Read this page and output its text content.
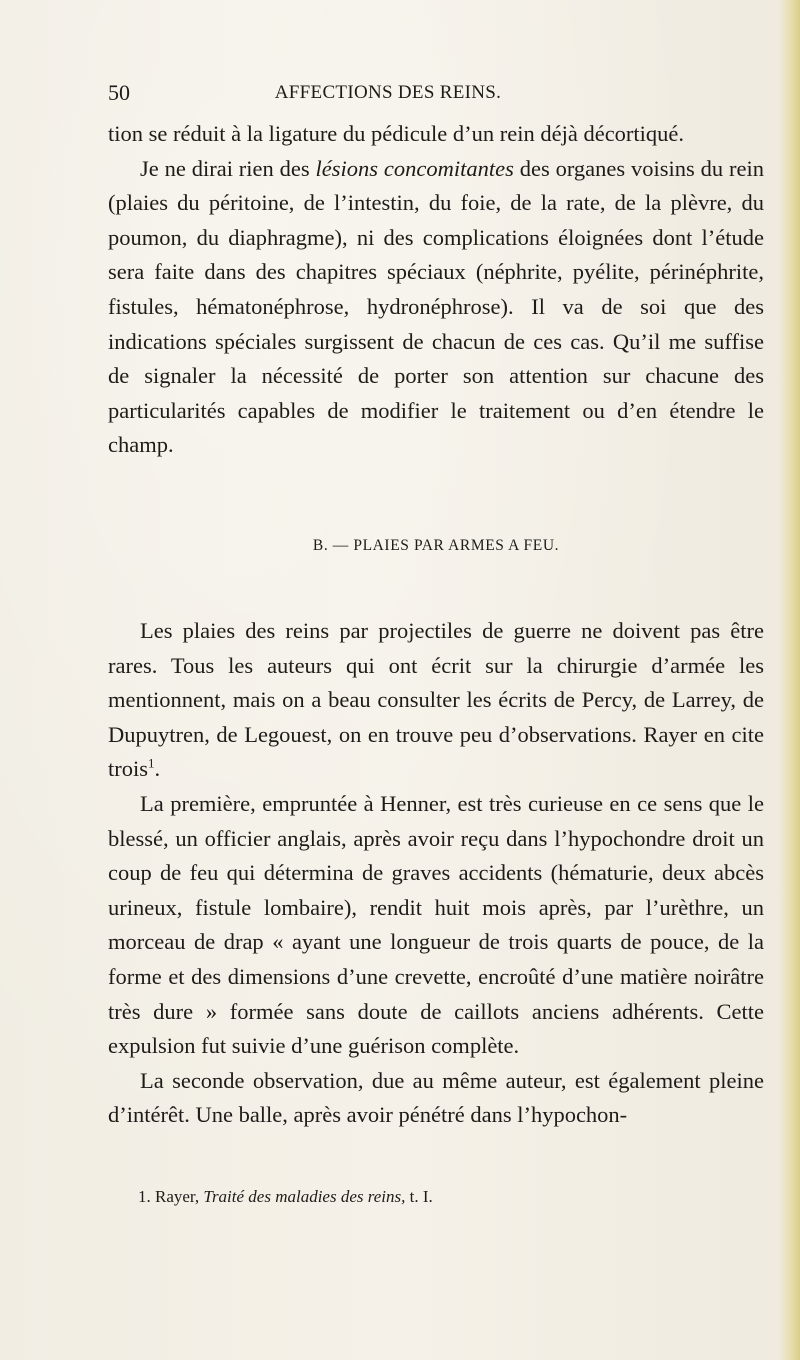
50	AFFECTIONS DES REINS.

tion se réduit à la ligature du pédicule d’un rein déjà décortiqué.

Je ne dirai rien des lésions concomitantes des organes voisins du rein (plaies du péritoine, de l’intestin, du foie, de la rate, de la plèvre, du poumon, du diaphragme), ni des complications éloignées dont l’étude sera faite dans des chapitres spéciaux (néphrite, pyélite, périnéphrite, fistules, hématonéphrose, hydronéphrose). Il va de soi que des indications spéciales surgissent de chacun de ces cas. Qu’il me suffise de signaler la nécessité de porter son attention sur chacune des particularités capables de modifier le traitement ou d’en étendre le champ.

B. — PLAIES PAR ARMES A FEU.

Les plaies des reins par projectiles de guerre ne doivent pas être rares. Tous les auteurs qui ont écrit sur la chirurgie d’armée les mentionnent, mais on a beau consulter les écrits de Percy, de Larrey, de Dupuytren, de Legouest, on en trouve peu d’observations. Rayer en cite trois$^1$.

La première, empruntée à Henner, est très curieuse en ce sens que le blessé, un officier anglais, après avoir reçu dans l’hypochondre droit un coup de feu qui détermina de graves accidents (hématurie, deux abcès urineux, fistule lombaire), rendit huit mois après, par l’urèthre, un morceau de drap « ayant une longueur de trois quarts de pouce, de la forme et des dimensions d’une crevette, encroûté d’une matière noirâtre très dure » formée sans doute de caillots anciens adhérents. Cette expulsion fut suivie d’une guérison complète.

La seconde observation, due au même auteur, est également pleine d’intérêt. Une balle, après avoir pénétré dans l’hypochon-

1. Rayer, Traité des maladies des reins, t. I.
